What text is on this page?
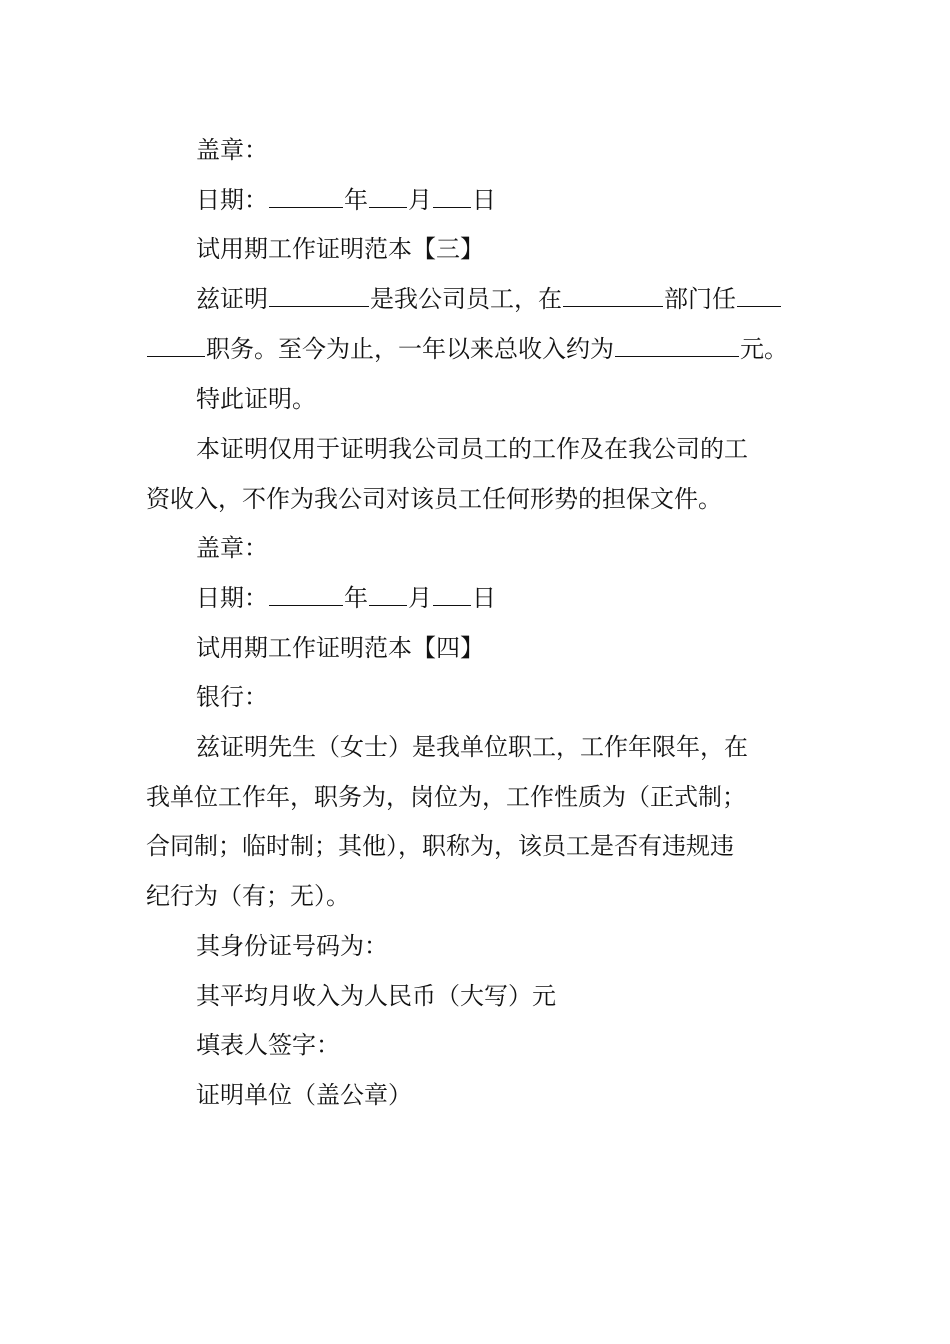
盖章：
日期：	年 月 日
试用期工作证明范本【三】
兹证明	是我公司员工，在	部门任
职务。至今为止，一年以来总收入约为	元。
特此证明。
本证明仅用于证明我公司员工的工作及在我公司的工
资收入，不作为我公司对该员工任何形势的担保文件。
盖章：
日期：	年 月 日
试用期工作证明范本【四】
银行：
兹证明先生（女士）是我单位职工，工作年限年，在
我单位工作年，职务为，岗位为，工作性质为（正式制；
合同制；临时制；其他），职称为，该员工是否有违规违
纪行为（有；无）。
其身份证号码为：
其平均月收入为人民币（大写）元
填表人签字：
证明单位（盖公章）
